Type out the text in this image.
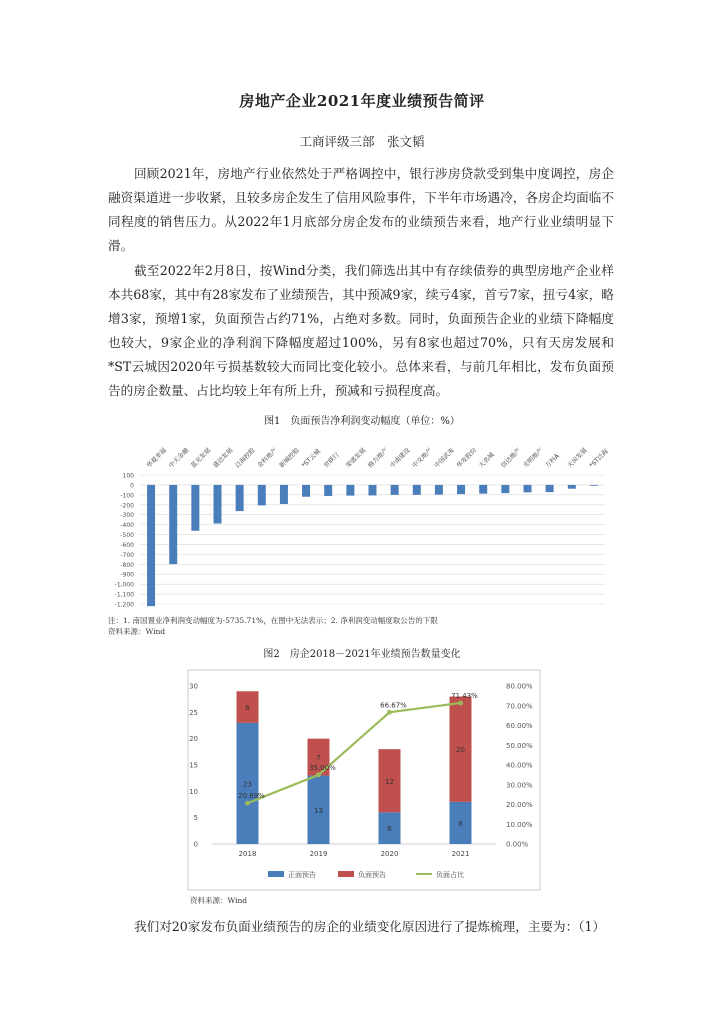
房地产企业2021年度业绩预告简评
工商评级三部　张文韬
回顾2021年，房地产行业依然处于严格调控中，银行涉房贷款受到集中度调控，房企融资渠道进一步收紧，且较多房企发生了信用风险事件，下半年市场遇冷，各房企均面临不同程度的销售压力。从2022年1月底部分房企发布的业绩预告来看，地产行业业绩明显下滑。
截至2022年2月8日，按Wind分类，我们筛选出其中有存续债券的典型房地产企业样本共68家，其中有28家发布了业绩预告，其中预减9家，续亏4家，首亏7家，扭亏4家，略增3家，预增1家，负面预告占约71%，占绝对多数。同时，负面预告企业的业绩下降幅度也较大，9家企业的净利润下降幅度超过100%，另有8家也超过70%，只有天房发展和*ST云城因2020年亏损基数较大而同比变化较小。总体来看，与前几年相比，发布负面预告的房企数量、占比均较上年有所上升，预减和亏损程度高。
图1　负面预告净利润变动幅度（单位：%）
100
0
-100
-200
-300
-400
-500
-600
-700
-800
-900
-1,000
-1,100
-1,200
华夏幸福 中天金融 蓝光发展 盛达发展 泛海控股 金科地产 新城控股 *ST云城 世联行 荣盛发展 格力地产 中南建设 中交地产 中国武夷 华发股份 大名城 信达地产 光明地产 万科A 天房发展 *ST泛海
注：1. 南国置业净利润变动幅度为-5735.71%，在图中无法表示；2. 净利润变动幅度取公告的下限
资料来源：Wind
图2　房企2018－2021年业绩预告数量变化
0
5
10
15
20
25
30
0.00%
10.00%
20.00%
30.00%
40.00%
50.00%
60.00%
70.00%
80.00%
23
6
2018
13
7
2019
6
12
2020
8
20
2021
20.69%
35.00%
66.67%
71.43%
正面预告	负面预告	负面占比
资料来源：Wind
我们对20家发布负面业绩预告的房企的业绩变化原因进行了提炼梳理，主要为：（1）
